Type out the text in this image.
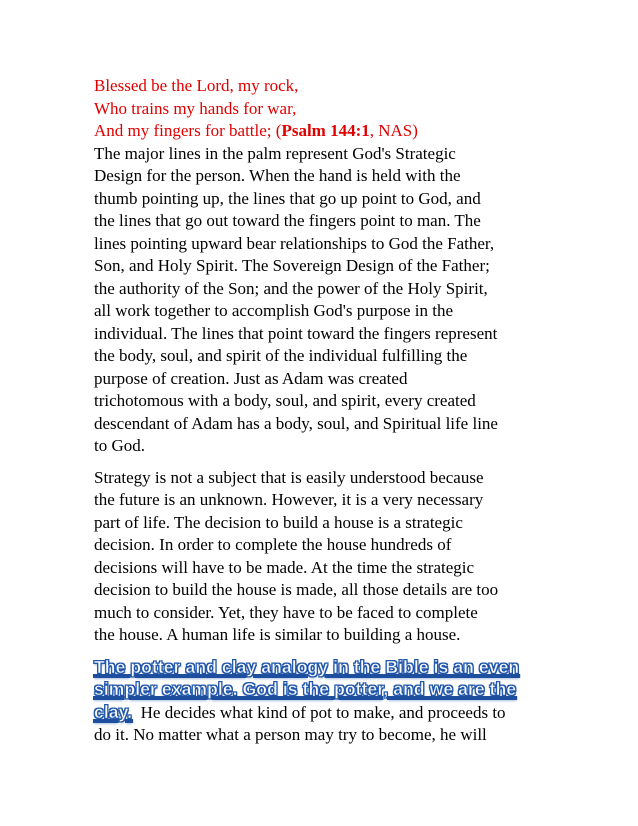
Blessed be the Lord, my rock,
Who trains my hands for war,
And my fingers for battle; (Psalm 144:1, NAS)
The major lines in the palm represent God's Strategic
Design for the person. When the hand is held with the
thumb pointing up, the lines that go up point to God, and
the lines that go out toward the fingers point to man. The
lines pointing upward bear relationships to God the Father,
Son, and Holy Spirit. The Sovereign Design of the Father;
the authority of the Son; and the power of the Holy Spirit,
all work together to accomplish God's purpose in the
individual. The lines that point toward the fingers represent
the body, soul, and spirit of the individual fulfilling the
purpose of creation. Just as Adam was created
trichotomous with a body, soul, and spirit, every created
descendant of Adam has a body, soul, and Spiritual life line
to God.
Strategy is not a subject that is easily understood because
the future is an unknown. However, it is a very necessary
part of life. The decision to build a house is a strategic
decision. In order to complete the house hundreds of
decisions will have to be made. At the time the strategic
decision to build the house is made, all those details are too
much to consider. Yet, they have to be faced to complete
the house. A human life is similar to building a house.
The potter and clay analogy in the Bible is an even
simpler example. God is the potter, and we are the
clay.  He decides what kind of pot to make, and proceeds to
do it. No matter what a person may try to become, he will
